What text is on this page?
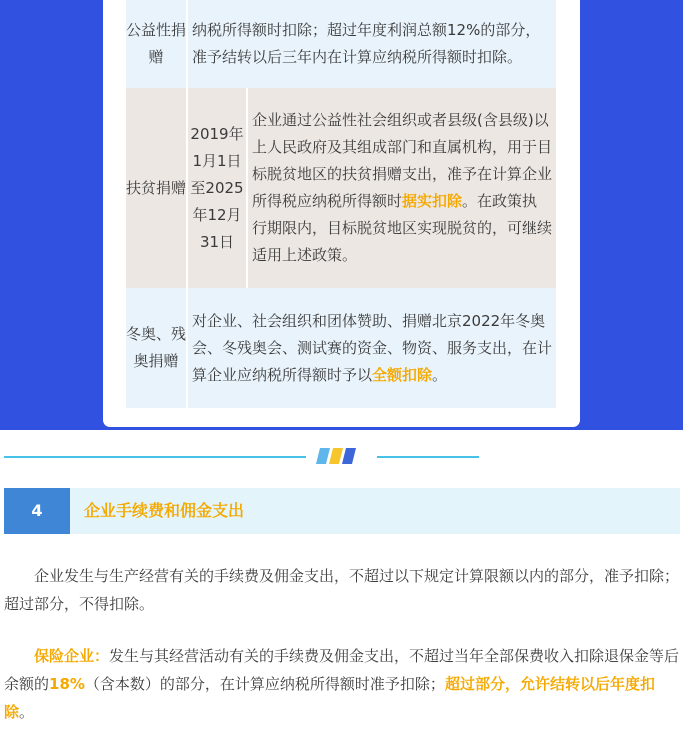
公益性捐赠	纳税所得额时扣除；超过年度利润总额12%的部分，准予结转以后三年内在计算应纳税所得额时扣除。	
扶贫捐赠	2019年1月1日至2025年12月31日	企业通过公益性社会组织或者县级(含县级)以上人民政府及其组成部门和直属机构，用于目标脱贫地区的扶贫捐赠支出，准予在计算企业所得税应纳税所得额时据实扣除。在政策执行期限内，目标脱贫地区实现脱贫的，可继续适用上述政策。
冬奥、残奥捐赠	对企业、社会组织和团体赞助、捐赠北京2022年冬奥会、冬残奥会、测试赛的资金、物资、服务支出，在计算企业应纳税所得额时予以全额扣除。	
4	企业手续费和佣金支出
企业发生与生产经营有关的手续费及佣金支出，不超过以下规定计算限额以内的部分，准予扣除；超过部分，不得扣除。
保险企业：发生与其经营活动有关的手续费及佣金支出，不超过当年全部保费收入扣除退保金等后余额的18%（含本数）的部分，在计算应纳税所得额时准予扣除；超过部分，允许结转以后年度扣除。
